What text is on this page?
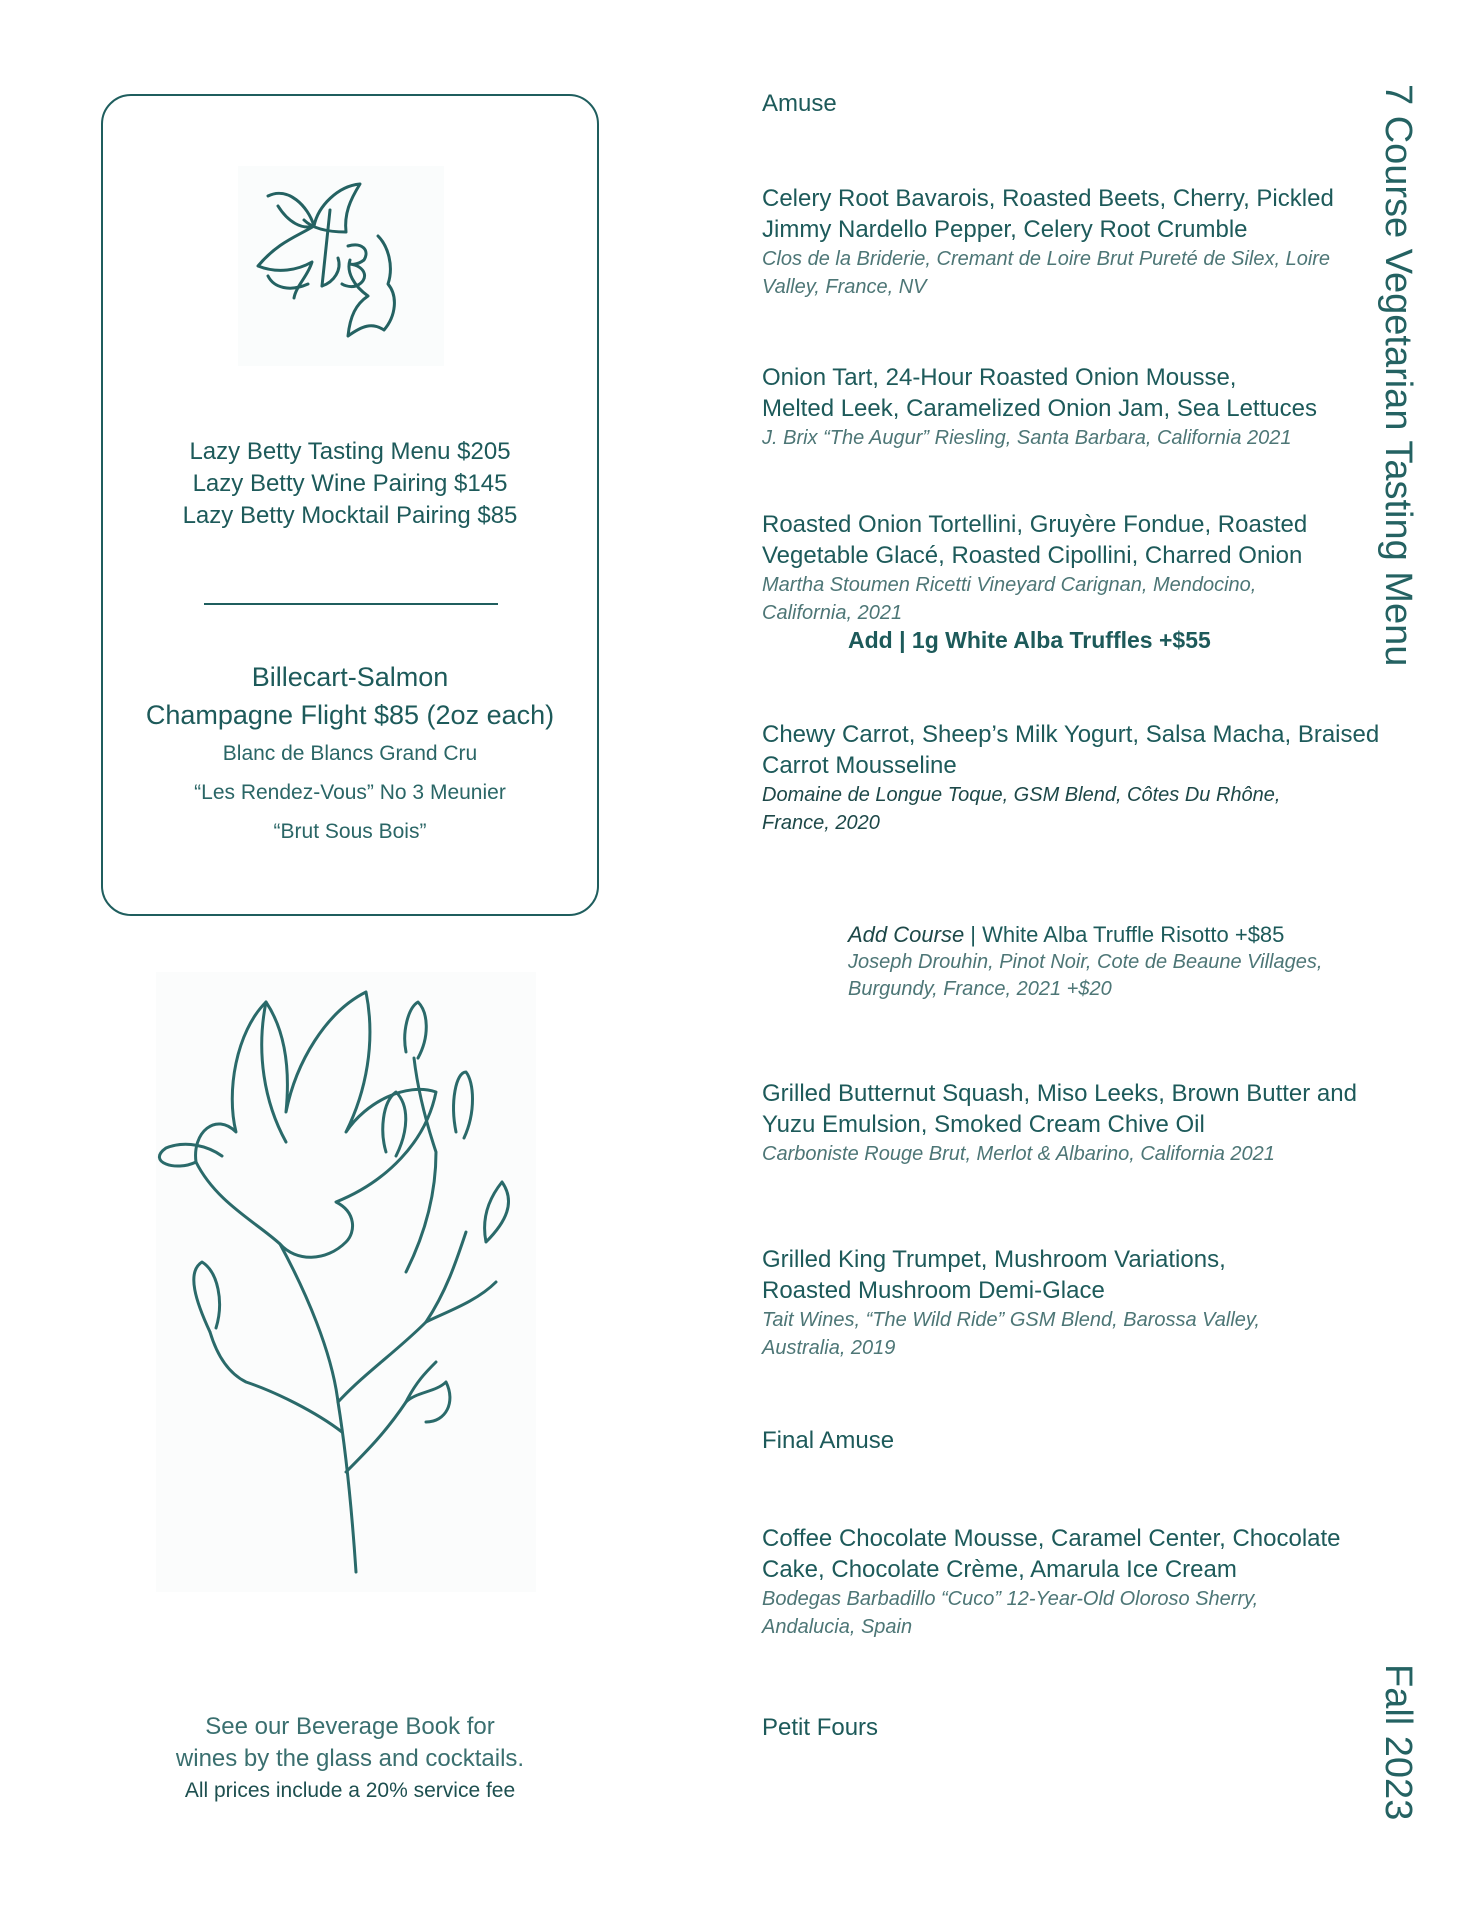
Lazy Betty Tasting Menu $205
Lazy Betty Wine Pairing $145
Lazy Betty Mocktail Pairing $85
Billecart-Salmon
Champagne Flight $85 (2oz each)
Blanc de Blancs Grand Cru
“Les Rendez-Vous” No 3 Meunier
“Brut Sous Bois”
See our Beverage Book for
wines by the glass and cocktails.
All prices include a 20% service fee
Amuse
Celery Root Bavarois, Roasted Beets, Cherry, Pickled
Jimmy Nardello Pepper, Celery Root Crumble
Clos de la Briderie, Cremant de Loire Brut Pureté de Silex, Loire
Valley, France, NV
Onion Tart, 24-Hour Roasted Onion Mousse,
Melted Leek, Caramelized Onion Jam, Sea Lettuces
J. Brix “The Augur” Riesling, Santa Barbara, California 2021
Roasted Onion Tortellini, Gruyère Fondue, Roasted
Vegetable Glacé, Roasted Cipollini, Charred Onion
Martha Stoumen Ricetti Vineyard Carignan, Mendocino,
California, 2021
Add | 1g White Alba Truffles +$55
Chewy Carrot, Sheep’s Milk Yogurt, Salsa Macha, Braised
Carrot Mousseline
Domaine de Longue Toque, GSM Blend, Côtes Du Rhône,
France, 2020
Add Course | White Alba Truffle Risotto +$85
Joseph Drouhin, Pinot Noir, Cote de Beaune Villages,
Burgundy, France, 2021 +$20
Grilled Butternut Squash, Miso Leeks, Brown Butter and
Yuzu Emulsion, Smoked Cream Chive Oil
Carboniste Rouge Brut, Merlot & Albarino, California 2021
Grilled King Trumpet, Mushroom Variations,
Roasted Mushroom Demi-Glace
Tait Wines, “The Wild Ride” GSM Blend, Barossa Valley,
Australia, 2019
Final Amuse
Coffee Chocolate Mousse, Caramel Center, Chocolate
Cake, Chocolate Crème, Amarula Ice Cream
Bodegas Barbadillo “Cuco” 12-Year-Old Oloroso Sherry,
Andalucia, Spain
Petit Fours
7 Course Vegetarian Tasting Menu
Fall 2023
